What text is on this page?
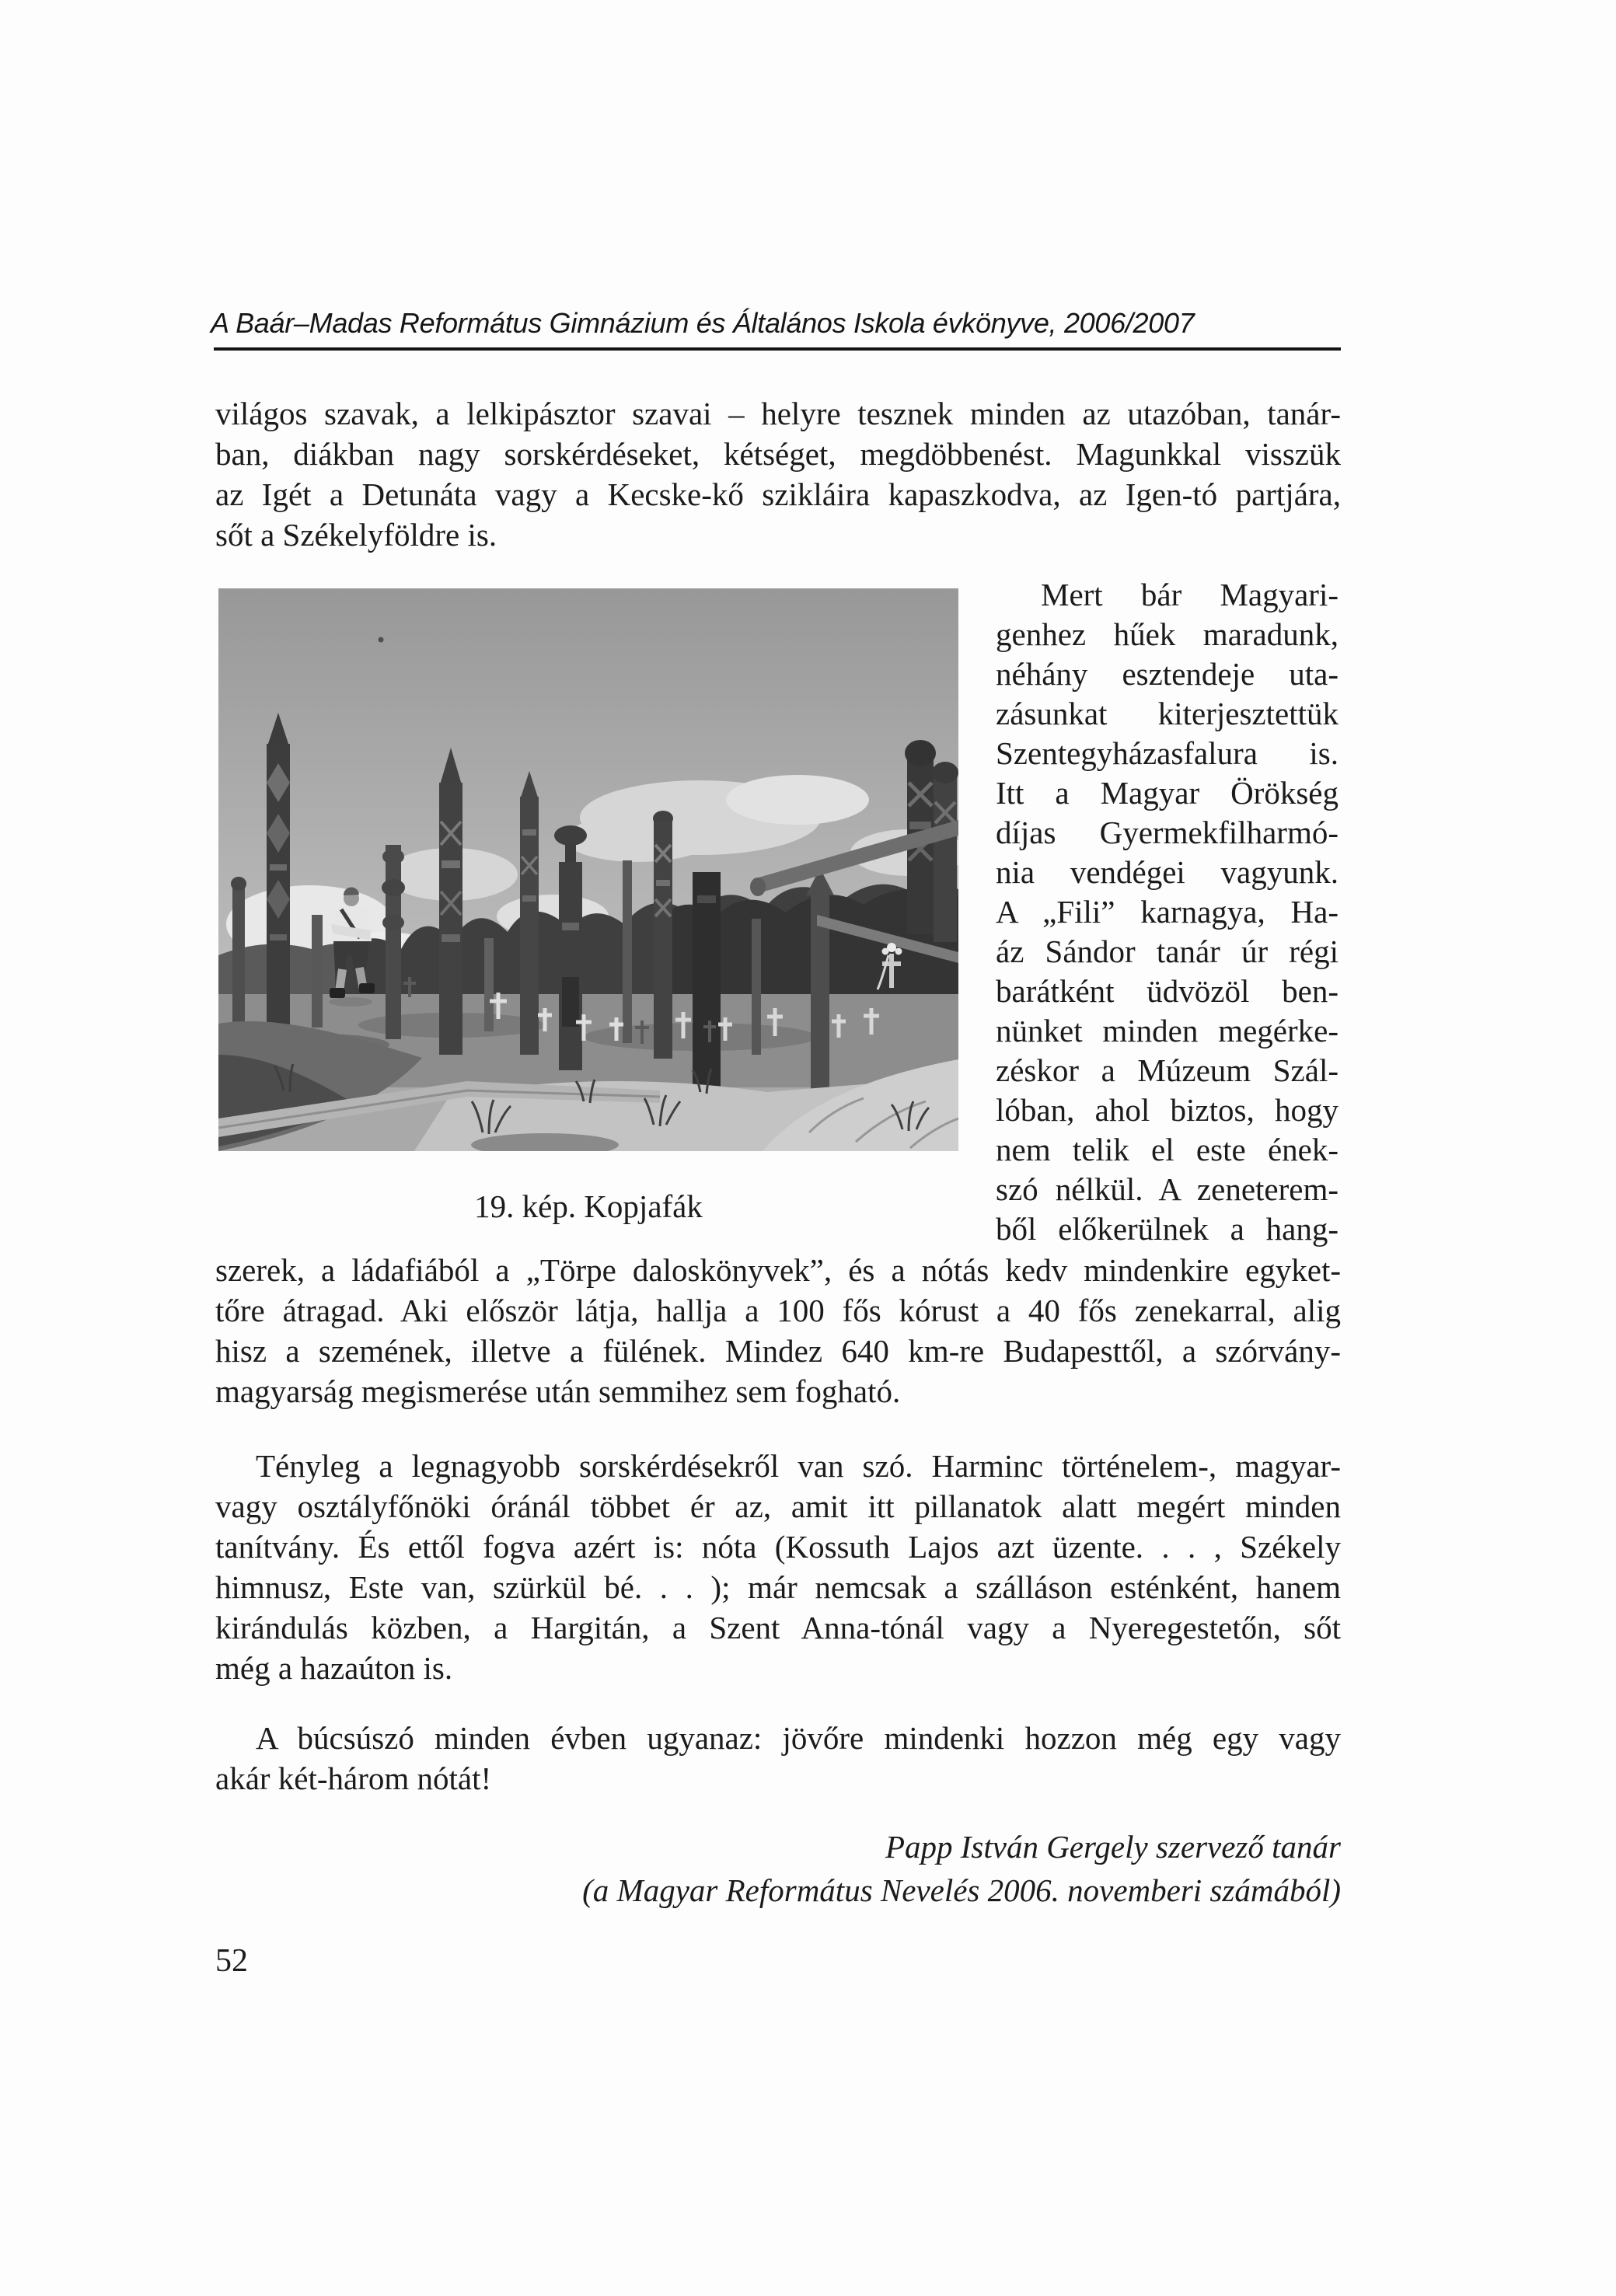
A Baár–Madas Református Gimnázium és Általános Iskola évkönyve, 2006/2007
világos szavak, a lelkipásztor szavai – helyre tesznek minden az utazóban, tanár-
ban, diákban nagy sorskérdéseket, kétséget, megdöbbenést. Magunkkal visszük
az Igét a Detunáta vagy a Kecske-kő szikláira kapaszkodva, az Igen-tó partjára,
sőt a Székelyföldre is.
19. kép. Kopjafák
Mert bár Magyari-
genhez hűek maradunk,
néhány esztendeje uta-
zásunkat kiterjesztettük
Szentegyházasfalura is.
Itt a Magyar Örökség
díjas Gyermekfilharmó-
nia vendégei vagyunk.
A „Fili” karnagya, Ha-
áz Sándor tanár úr régi
barátként üdvözöl ben-
nünket minden megérke-
zéskor a Múzeum Szál-
lóban, ahol biztos, hogy
nem telik el este ének-
szó nélkül. A zeneterem-
ből előkerülnek a hang-
szerek, a ládafiából a „Törpe daloskönyvek”, és a nótás kedv mindenkire egyket-
tőre átragad. Aki először látja, hallja a 100 fős kórust a 40 fős zenekarral, alig
hisz a szemének, illetve a fülének. Mindez 640 km-re Budapesttől, a szórvány-
magyarság megismerése után semmihez sem fogható.
Tényleg a legnagyobb sorskérdésekről van szó. Harminc történelem-, magyar-
vagy osztályfőnöki óránál többet ér az, amit itt pillanatok alatt megért minden
tanítvány. És ettől fogva azért is: nóta (Kossuth Lajos azt üzente. . . , Székely
himnusz, Este van, szürkül bé. . . ); már nemcsak a szálláson esténként, hanem
kirándulás közben, a Hargitán, a Szent Anna-tónál vagy a Nyeregestetőn, sőt
még a hazaúton is.
A búcsúszó minden évben ugyanaz: jövőre mindenki hozzon még egy vagy
akár két-három nótát!
Papp István Gergely szervező tanár
(a Magyar Református Nevelés 2006. novemberi számából)
52
